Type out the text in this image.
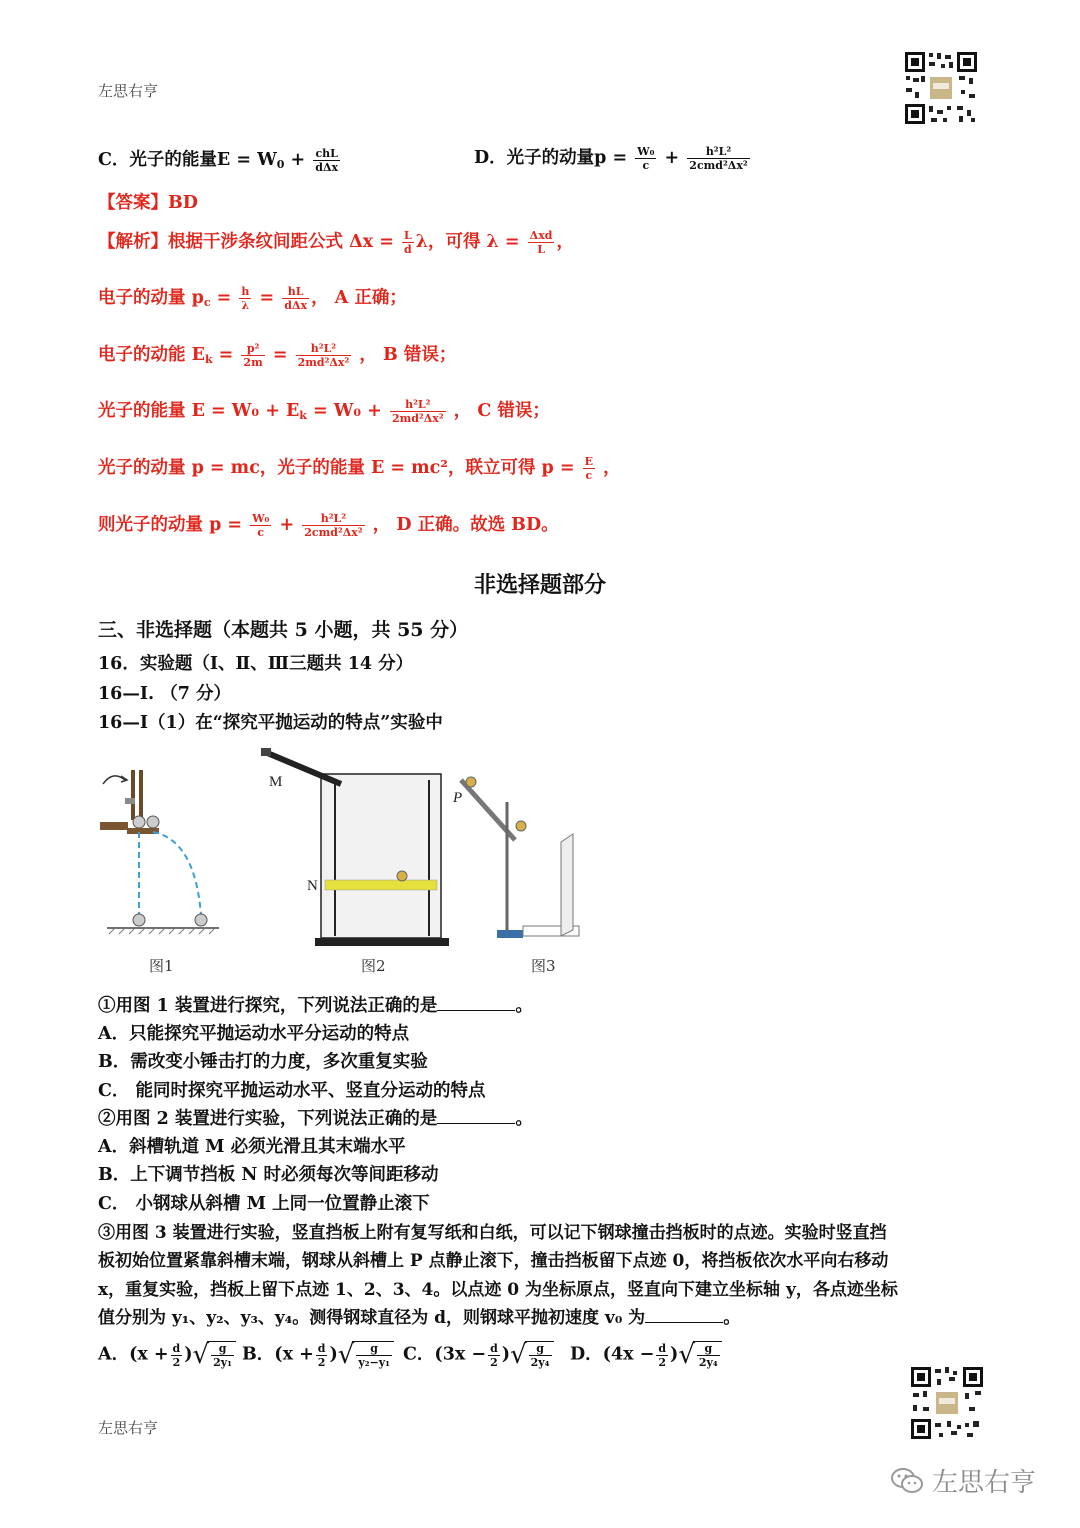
左思右亨
C．光子的能量$E = W_0 + \frac{\text{chL}}{\text{dΔx}}$	D．光子的动量$p = \frac{\text{W₀}}{c} + \frac{\text{h²L²}}{\text{2cmd²Δx²}}$
【答案】BD
【解析】根据干涉条纹间距公式 $\Delta x = \frac{L}{d}$ λ，可得 $\lambda = \frac{\text{Δxd}}{L}$ ，
电子的动量 $p_c = \frac{h}{\lambda} = \frac{hL}{\text{dΔx}}$ ， A 正确；
电子的动能 $E_k = \frac{\text{p²}}{2m} = \frac{\text{h²L²}}{\text{2md²Δx²}}$ ， B 错误；
光子的能量 $E = W_0 + E_k = W_0 + \frac{\text{h²L²}}{\text{2md²Δx²}}$ ， C 错误；
光子的动量 p = mc，光子的能量 E = mc²，联立可得 $p = \frac{E}{c}$ ，
则光子的动量 $p = \frac{\text{W₀}}{c} + \frac{\text{h²L²}}{\text{2cmd²Δx²}}$ ， D 正确。故选 BD。
非选择题部分
三、非选择题（本题共 5 小题，共 55 分）
16．实验题（Ⅰ、Ⅱ、Ⅲ三题共 14 分）
16—I. （7 分）
16—I（1）在“探究平抛运动的特点”实验中
M
N
P
图1	图2	图3
①用图 1 装置进行探究，下列说法正确的是	。
A．只能探究平抛运动水平分运动的特点
B．需改变小锤击打的力度，多次重复实验
C． 能同时探究平抛运动水平、竖直分运动的特点
②用图 2 装置进行实验，下列说法正确的是	。
A．斜槽轨道 M 必须光滑且其末端水平
B．上下调节挡板 N 时必须每次等间距移动
C． 小钢球从斜槽 M 上同一位置静止滚下
③用图 3 装置进行实验，竖直挡板上附有复写纸和白纸，可以记下钢球撞击挡板时的点迹。实验时竖直挡
板初始位置紧靠斜槽末端，钢球从斜槽上 P 点静止滚下，撞击挡板留下点迹 0，将挡板依次水平向右移动
x，重复实验，挡板上留下点迹 1、2、3、4。以点迹 0 为坐标原点，竖直向下建立坐标轴 y，各点迹坐标
值分别为 y₁、y₂、y₃、y₄。测得钢球直径为 d，则钢球平抛初速度 v₀ 为	。
A．($x + \frac{d}{2}$ )√ $\frac{g}{\text{2y₁}}$ B．($x + \frac{d}{2}$ )√ $\frac{g}{\text{y₂−y₁}}$ C．($3x - \frac{d}{2}$ )√ $\frac{g}{\text{2y₄}}$ D．($4x - \frac{d}{2}$ )√ $\frac{g}{\text{2y₄}}$
左思右亨
左思右亨
